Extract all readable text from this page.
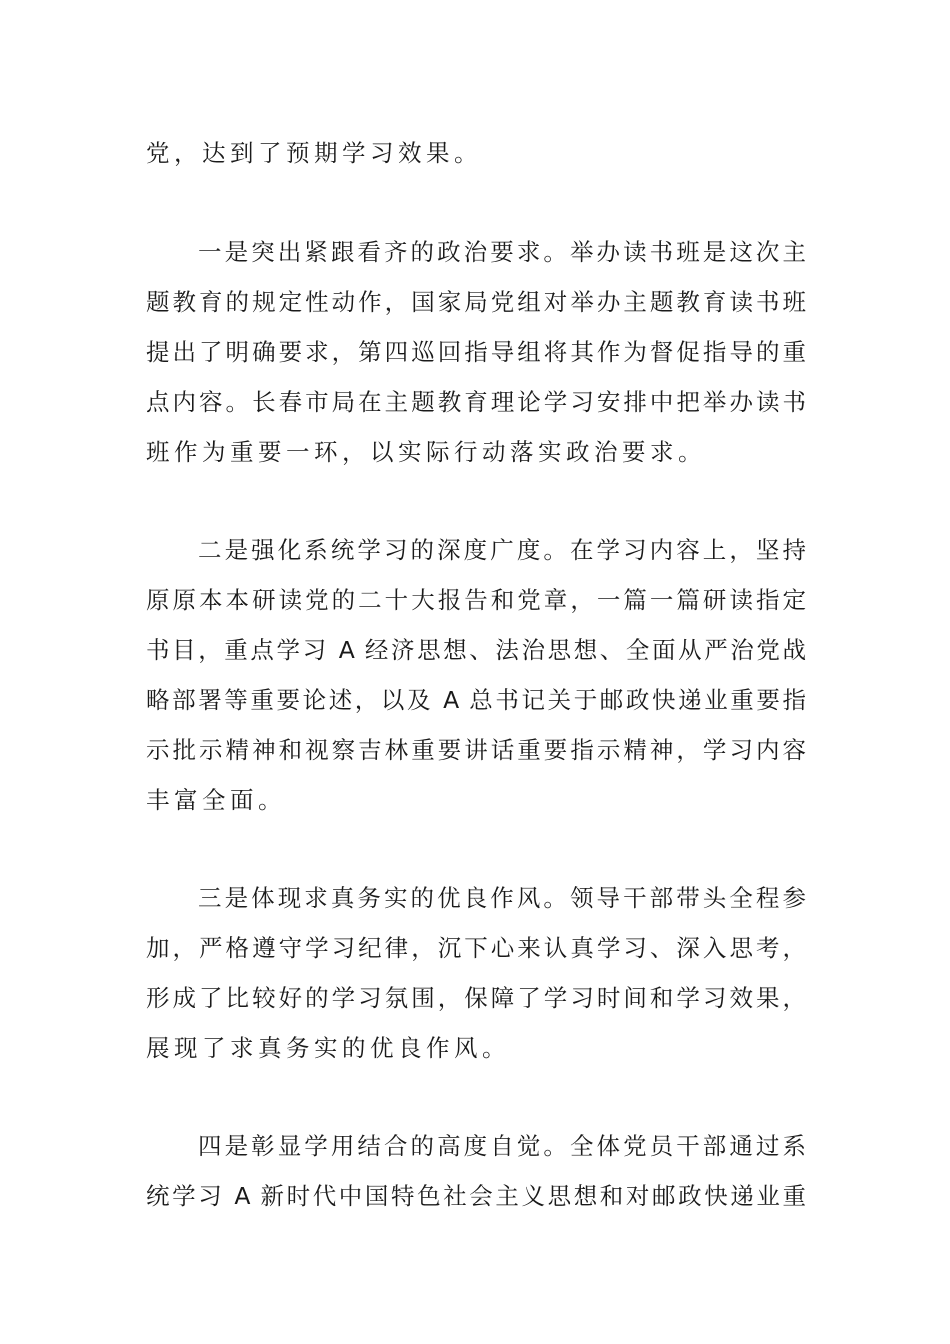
党，达到了预期学习效果。

一是突出紧跟看齐的政治要求。举办读书班是这次主

题教育的规定性动作，国家局党组对举办主题教育读书班

提出了明确要求，第四巡回指导组将其作为督促指导的重

点内容。长春市局在主题教育理论学习安排中把举办读书

班作为重要一环，以实际行动落实政治要求。

二是强化系统学习的深度广度。在学习内容上，坚持

原原本本研读党的二十大报告和党章，一篇一篇研读指定

书目，重点学习 A 经济思想、法治思想、全面从严治党战

略部署等重要论述，以及 A 总书记关于邮政快递业重要指

示批示精神和视察吉林重要讲话重要指示精神，学习内容

丰富全面。

三是体现求真务实的优良作风。领导干部带头全程参

加，严格遵守学习纪律，沉下心来认真学习、深入思考，

形成了比较好的学习氛围，保障了学习时间和学习效果，

展现了求真务实的优良作风。

四是彰显学用结合的高度自觉。全体党员干部通过系

统学习 A 新时代中国特色社会主义思想和对邮政快递业重
